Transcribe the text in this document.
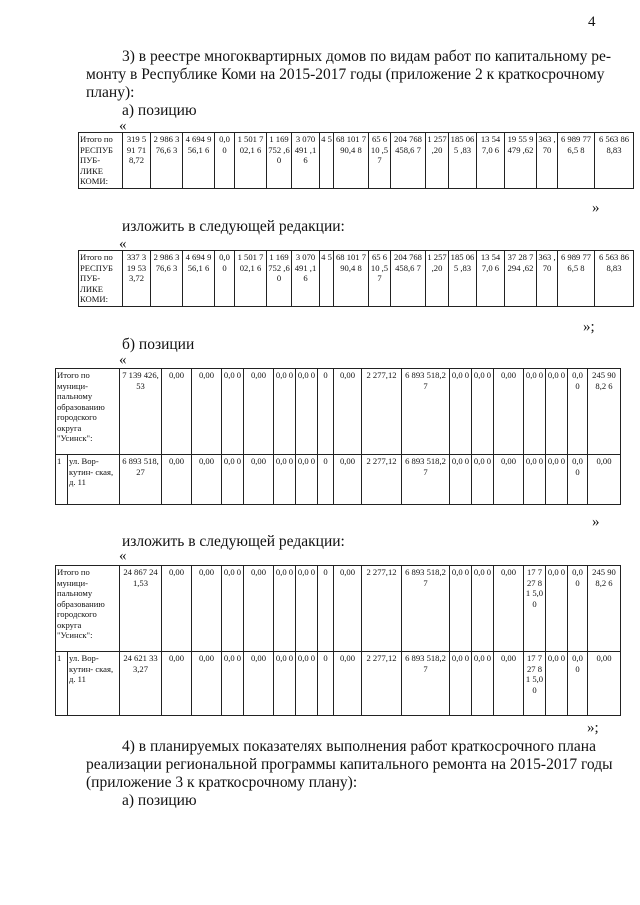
4
3) в реестре многоквартирных домов по видам работ по капитальному ре-
монту в Республике Коми на 2015-2017 годы (приложение 2 к краткосрочному
плану):
а) позицию
«
Итого по РЕСПУБ ПУБ- ЛИКЕ КОМИ:	319 5 91 71 8,72	2 986 376,6 3	4 694 956,1 6	0,0 0	1 501 702,1 6	1 169 752 ,60	3 070 491 ,16	4 5	68 101 790,4 8	65 610 ,57	204 768 458,6 7	1 257 ,20	185 065 ,83	13 547,0 6	19 55 9 479 ,62	363 ,70	6 989 776,5 8	6 563 868,83
»
изложить в следующей редакции:
«
Итого по РЕСПУБ ПУБ- ЛИКЕ КОМИ:	337 3 19 53 3,72	2 986 376,6 3	4 694 956,1 6	0,0 0	1 501 702,1 6	1 169 752 ,60	3 070 491 ,16	4 5	68 101 790,4 8	65 610 ,57	204 768 458,6 7	1 257 ,20	185 065 ,83	13 547,0 6	37 28 7 294 ,62	363 ,70	6 989 776,5 8	6 563 868,83
»;
б) позиции
«
Итого по муници- пальному образованию городского округа "Усинск":		7 139 426,53	0,00	0,00	0,0 0	0,00	0,0 0	0,0 0	0	0,00	2 277,12	6 893 518,27	0,0 0	0,0 0	0,00	0,0 0	0,0 0	0,0 0	245 908,2 6
1	ул. Вор- кутин- ская, д. 11	6 893 518,27	0,00	0,00	0,0 0	0,00	0,0 0	0,0 0	0	0,00	2 277,12	6 893 518,27	0,0 0	0,0 0	0,00	0,0 0	0,0 0	0,0 0	0,00
»
изложить в следующей редакции:
«
Итого по муници- пальному образованию городского округа "Усинск":		24 867 241,53	0,00	0,00	0,0 0	0,00	0,0 0	0,0 0	0	0,00	2 277,12	6 893 518,27	0,0 0	0,0 0	0,00	17 727 81 5,0 0	0,0 0	0,0 0	245 908,2 6
1	ул. Вор- кутин- ская, д. 11	24 621 333,27	0,00	0,00	0,0 0	0,00	0,0 0	0,0 0	0	0,00	2 277,12	6 893 518,27	0,0 0	0,0 0	0,00	17 727 81 5,0 0	0,0 0	0,0 0	0,00
»;
4) в планируемых показателях выполнения работ краткосрочного плана
реализации региональной программы капитального ремонта на 2015-2017 годы
(приложение 3 к краткосрочному плану):
а) позицию
